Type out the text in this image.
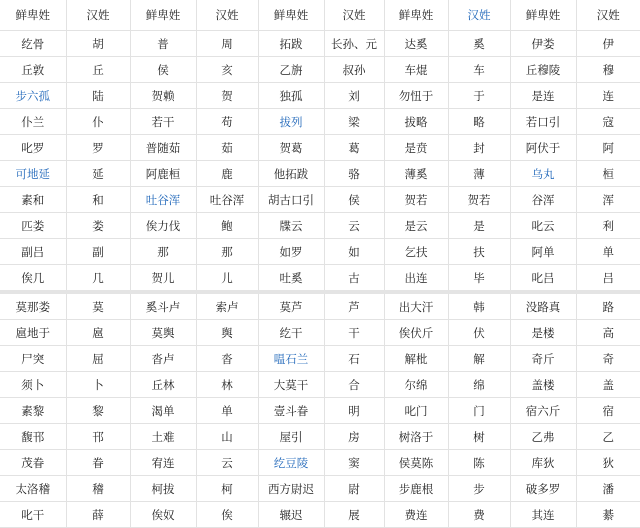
鲜卑姓	汉姓	鲜卑姓	汉姓	鲜卑姓	汉姓	鲜卑姓	汉姓	鲜卑姓	汉姓
纥骨	胡	普	周	拓跋	长孙、元	达奚	奚	伊娄	伊
丘敦	丘	侯	亥	乙旃	叔孙	车焜	车	丘穆陵	穆
步六孤	陆	贺赖	贺	独孤	刘	勿忸于	于	是连	连
仆兰	仆	若干	苟	拔列	梁	拔略	略	若口引	寇
叱罗	罗	普随茹	茹	贺葛	葛	是贲	封	阿伏于	阿
可地延	延	阿鹿桓	鹿	他拓跋	骆	薄奚	薄	乌丸	桓
素和	和	吐谷浑	吐谷浑	胡古口引	侯	贺若	贺若	谷浑	浑
匹娄	娄	俟力伐	鲍	牒云	云	是云	是	叱云	利
副吕	副	那	那	如罗	如	乞扶	扶	阿单	单
俟几	几	贺儿	儿	吐奚	古	出连	毕	叱吕	吕
莫那娄	莫	奚斗卢	索卢	莫芦	芦	出大汗	韩	没路真	路
扈地于	扈	莫舆	舆	纥干	干	俟伏斤	伏	是楼	高
尸突	屈	沓卢	沓	嗢石兰	石	解枇	解	奇斤	奇
须卜	卜	丘林	林	大莫干	合	尔绵	绵	盖楼	盖
素黎	黎	渴单	单	壹斗眷	明	叱门	门	宿六斤	宿
馥邗	邗	土难	山	屋引	房	树洛于	树	乙弗	乙
茂眷	眷	宥连	云	纥豆陵	窦	侯莫陈	陈	库狄	狄
太洛稽	稽	柯拔	柯	西方尉迟	尉	步鹿根	步	破多罗	潘
叱干	薛	俟奴	俟	辗迟	展	费连	费	其连	綦
